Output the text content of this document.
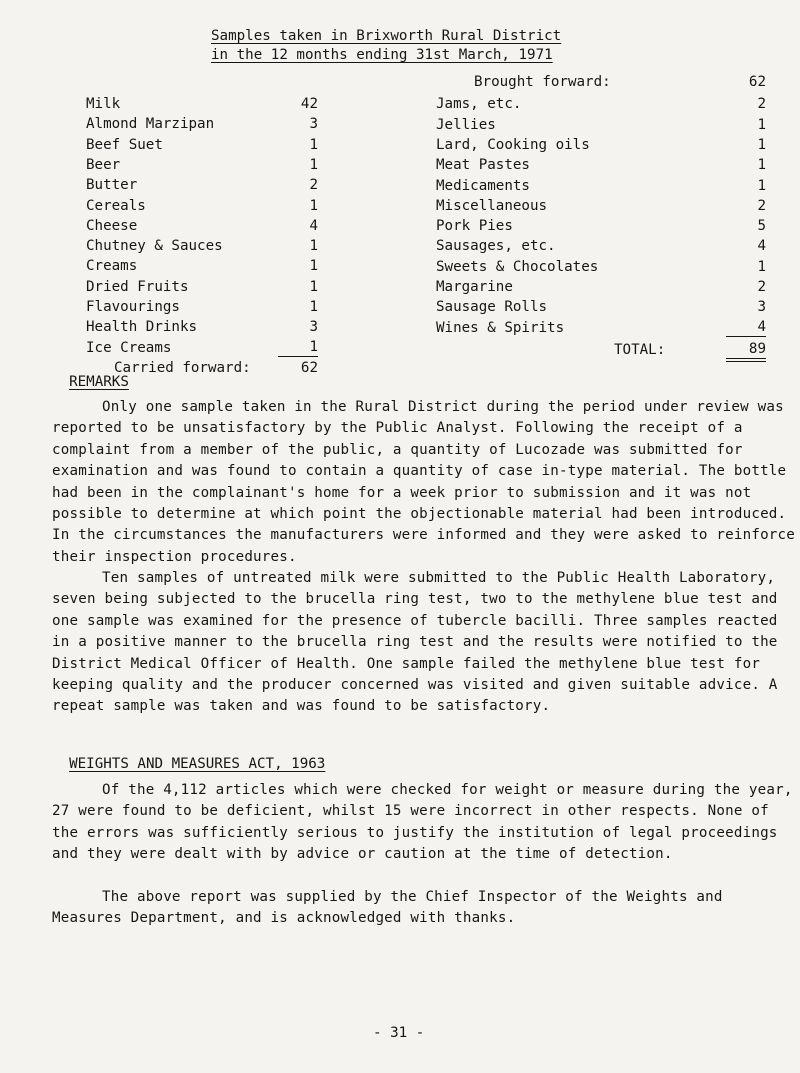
Samples taken in Brixworth Rural District
in the 12 months ending 31st March, 1971
Milk	42
Almond Marzipan	3
Beef Suet	1
Beer	1
Butter	2
Cereals	1
Cheese	4
Chutney & Sauces	1
Creams	1
Dried Fruits	1
Flavourings	1
Health Drinks	3
Ice Creams	1
Carried forward:	62
Brought forward:	62
Jams, etc.	2
Jellies	1
Lard, Cooking oils	1
Meat Pastes	1
Medicaments	1
Miscellaneous	2
Pork Pies	5
Sausages, etc.	4
Sweets & Chocolates	1
Margarine	2
Sausage Rolls	3
Wines & Spirits	4
TOTAL:	89

REMARKS

Only one sample taken in the Rural District during the period under review was reported to be unsatisfactory by the Public Analyst. Following the receipt of a complaint from a member of the public, a quantity of Lucozade was submitted for examination and was found to contain a quantity of case in-type material. The bottle had been in the complainant's home for a week prior to submission and it was not possible to determine at which point the objectionable material had been introduced. In the circumstances the manufacturers were informed and they were asked to reinforce their inspection procedures.

Ten samples of untreated milk were submitted to the Public Health Laboratory, seven being subjected to the brucella ring test, two to the methylene blue test and one sample was examined for the presence of tubercle bacilli. Three samples reacted in a positive manner to the brucella ring test and the results were notified to the District Medical Officer of Health. One sample failed the methylene blue test for keeping quality and the producer concerned was visited and given suitable advice. A repeat sample was taken and was found to be satisfactory.

WEIGHTS AND MEASURES ACT, 1963

Of the 4,112 articles which were checked for weight or measure during the year, 27 were found to be deficient, whilst 15 were incorrect in other respects. None of the errors was sufficiently serious to justify the institution of legal proceedings and they were dealt with by advice or caution at the time of detection.

The above report was supplied by the Chief Inspector of the Weights and Measures Department, and is acknowledged with thanks.

- 31 -
